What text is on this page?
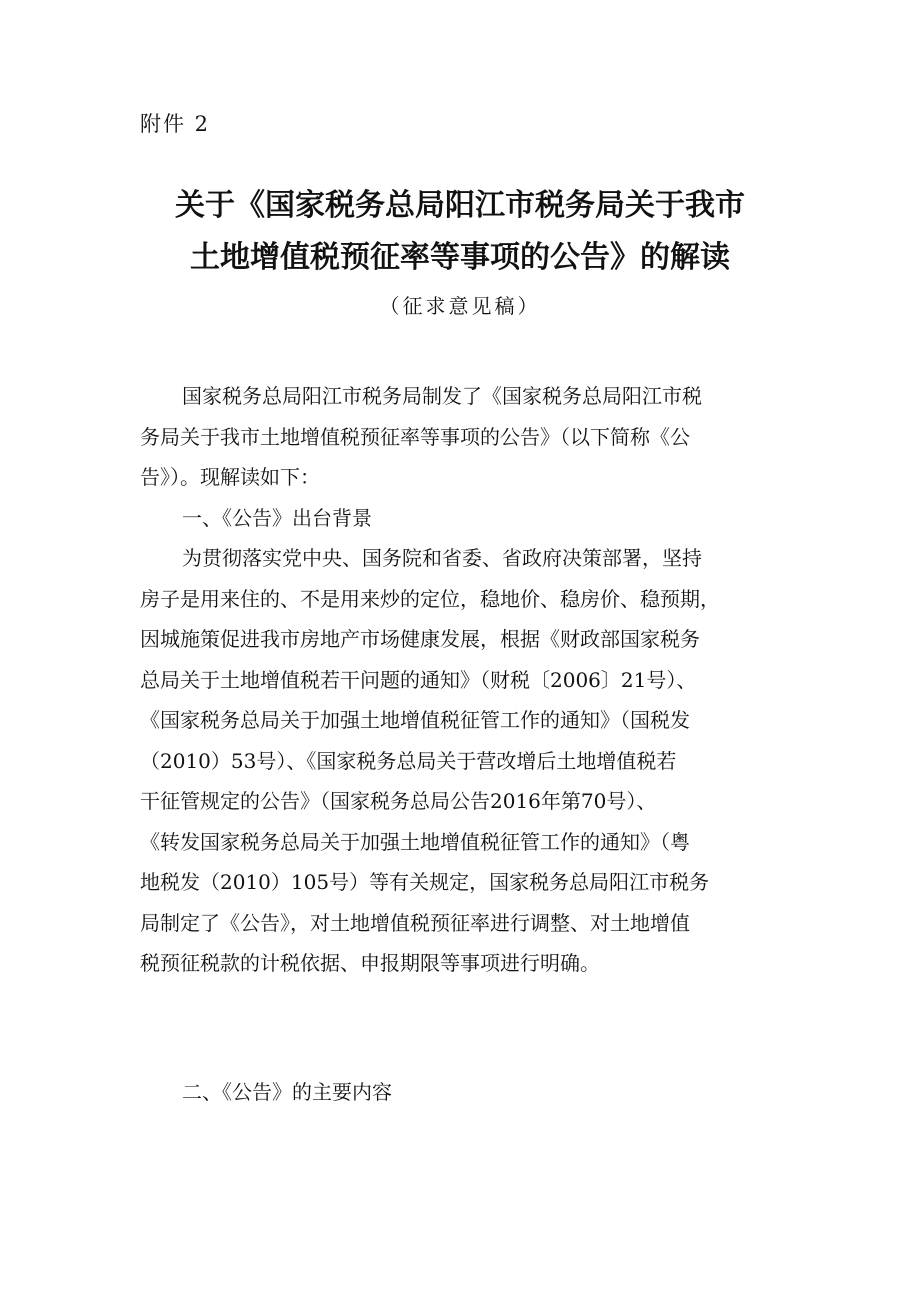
附件 2
关于《国家税务总局阳江市税务局关于我市
土地增值税预征率等事项的公告》的解读
（征求意见稿）
国家税务总局阳江市税务局制发了《国家税务总局阳江市税
务局关于我市土地增值税预征率等事项的公告》（以下简称《公
告》）。现解读如下：
一、《公告》出台背景
为贯彻落实党中央、国务院和省委、省政府决策部署，坚持
房子是用来住的、不是用来炒的定位，稳地价、稳房价、稳预期，
因城施策促进我市房地产市场健康发展，根据《财政部国家税务
总局关于土地增值税若干问题的通知》（财税〔2006〕21号）、
《国家税务总局关于加强土地增值税征管工作的通知》（国税发
（2010）53号）、《国家税务总局关于营改增后土地增值税若
干征管规定的公告》（国家税务总局公告2016年第70号）、
《转发国家税务总局关于加强土地增值税征管工作的通知》（粤
地税发（2010）105号）等有关规定，国家税务总局阳江市税务
局制定了《公告》，对土地增值税预征率进行调整、对土地增值
税预征税款的计税依据、申报期限等事项进行明确。
二、《公告》的主要内容
